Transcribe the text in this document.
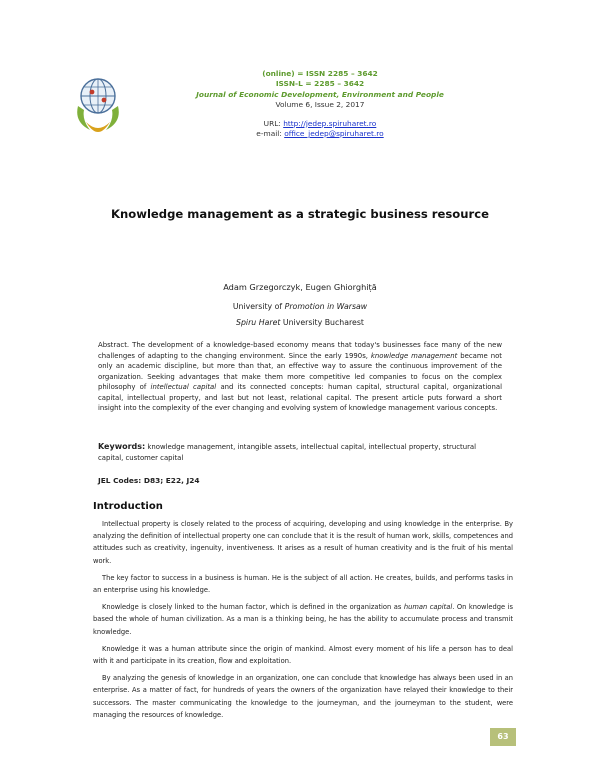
(online) = ISSN 2285 – 3642
ISSN-L = 2285 – 3642
Journal of Economic Development, Environment and People
Volume 6, Issue 2, 2017
URL: http://jedep.spiruharet.ro
e-mail: office_jedep@spiruharet.ro
Knowledge management as a strategic business resource
Adam Grzegorczyk, Eugen Ghiorghiță
University of Promotion in Warsaw
Spiru Haret University Bucharest
Abstract. The development of a knowledge-based economy means that today's businesses face many of the new challenges of adapting to the changing environment. Since the early 1990s, knowledge management became not only an academic discipline, but more than that, an effective way to assure the continuous improvement of the organization. Seeking advantages that make them more competitive led companies to focus on the complex philosophy of intellectual capital and its connected concepts: human capital, structural capital, organizational capital, intellectual property, and last but not least, relational capital. The present article puts forward a short insight into the complexity of the ever changing and evolving system of knowledge management various concepts.
Keywords: knowledge management, intangible assets, intellectual capital, intellectual property, structural capital, customer capital
JEL Codes: D83; E22, J24
Introduction

Intellectual property is closely related to the process of acquiring, developing and using knowledge in the enterprise. By analyzing the definition of intellectual property one can conclude that it is the result of human work, skills, competences and attitudes such as creativity, ingenuity, inventiveness. It arises as a result of human creativity and is the fruit of his mental work.

The key factor to success in a business is human. He is the subject of all action. He creates, builds, and performs tasks in an enterprise using his knowledge.

Knowledge is closely linked to the human factor, which is defined in the organization as human capital. On knowledge is based the whole of human civilization. As a man is a thinking being, he has the ability to accumulate process and transmit knowledge.

Knowledge it was a human attribute since the origin of mankind. Almost every moment of his life a person has to deal with it and participate in its creation, flow and exploitation.

By analyzing the genesis of knowledge in an organization, one can conclude that knowledge has always been used in an enterprise. As a matter of fact, for hundreds of years the owners of the organization have relayed their knowledge to their successors. The master communicating the knowledge to the journeyman, and the journeyman to the student, were managing the resources of knowledge.

63
